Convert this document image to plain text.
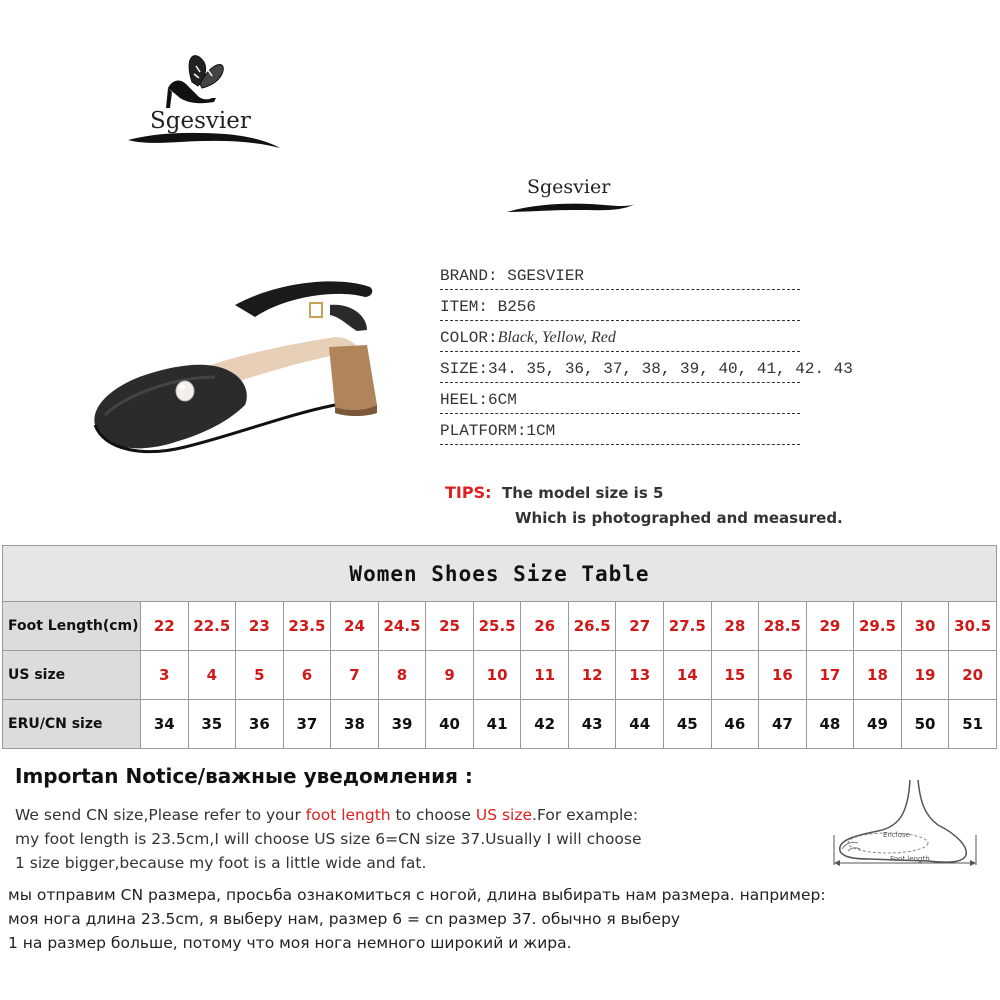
Sgesvier
Sgesvier
BRAND: SGESVIER
ITEM: B256
COLOR:Black, Yellow, Red
SIZE:34. 35, 36, 37, 38, 39, 40, 41, 42. 43
HEEL:6CM
PLATFORM:1CM
TIPS: The model size is 5
Which is photographed and measured.
Women Shoes Size Table																		
Foot Length(cm)	22	22.5	23	23.5	24	24.5	25	25.5	26	26.5	27	27.5	28	28.5	29	29.5	30	30.5
US size	3	4	5	6	7	8	9	10	11	12	13	14	15	16	17	18	19	20
ERU/CN size	34	35	36	37	38	39	40	41	42	43	44	45	46	47	48	49	50	51
Importan Notice/важные уведомления :
We send CN size,Please refer to your foot length to choose US size.For example:
my foot length is 23.5cm,I will choose US size 6=CN size 37.Usually I will choose
1 size bigger,because my foot is a little wide and fat.
мы отправим CN размера, просьба ознакомиться с ногой, длина выбирать нам размера. например:
моя нога длина 23.5cm, я выберу нам, размер 6 = cn размер 37. обычно я выберу
1 на размер больше, потому что моя нога немного широкий и жира.
Enclose
Foot length
